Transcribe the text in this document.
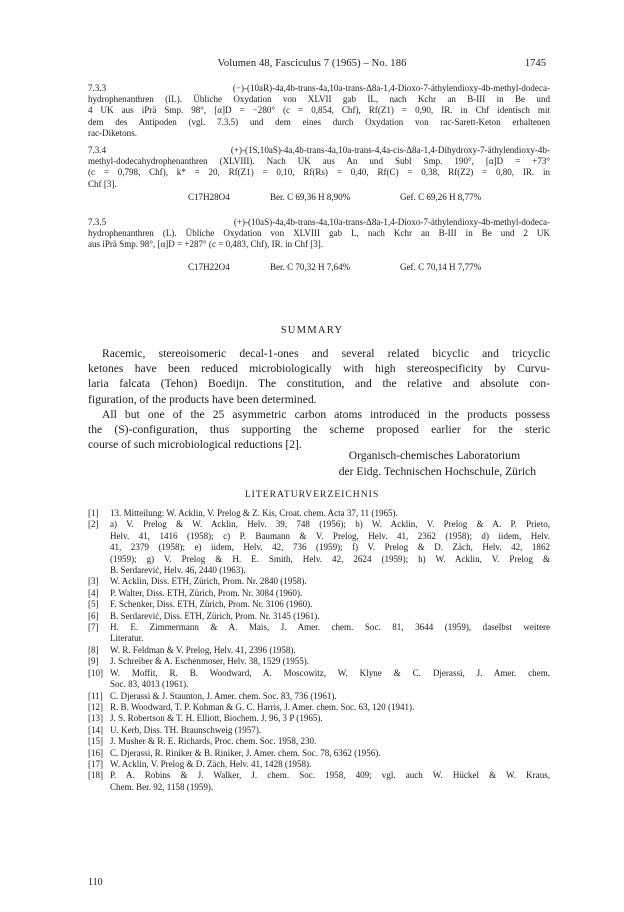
Volumen 48, Fasciculus 7 (1965) – No. 186	1745
7.3.3 (−)-(10aR)-4a,4b-trans-4a,10a-trans-Δ8a-1,4-Dioxo-7-äthylendioxy-4b-methyl-dodeca-
hydrophenanthren (IL). Übliche Oxydation von XLVII gab IL, nach Kchr an B-III in Be und
4 UK aus iPrä Smp. 98°, [α]D = −280° (c = 0,854, Chf), Rf(Z1) = 0,90, IR. in Chf identisch mit
dem des Antipoden (vgl. 7.3.5) und dem eines durch Oxydation von rac-Sarett-Keton erhaltenen
rac-Diketons.
7.3.4 (+)-(1S,10aS)-4a,4b-trans-4a,10a-trans-4,4a-cis-Δ8a-1,4-Dihydroxy-7-äthylendioxy-4b-
methyl-dodecahydrophenanthren (XLVIII). Nach UK aus An und Subl Smp. 190°, [α]D = +73°
(c = 0,798, Chf), k* = 20, Rf(Z1) = 0,10, Rf(Rs) = 0,40, Rf(C) = 0,38, Rf(Z2) = 0,80, IR. in
Chf [3].
C17H28O4	Ber. C 69,36 H 8,90%	Gef. C 69,26 H 8,77%
7.3.5 (+)-(10aS)-4a,4b-trans-4a,10a-trans-Δ8a-1,4-Dioxo-7-äthylendioxy-4b-methyl-dodeca-
hydrophenanthren (L). Übliche Oxydation von XLVIII gab L, nach Kchr an B-III in Be und 2 UK
aus iPrä Smp. 98°, [α]D = +287° (c = 0,483, Chf), IR. in Chf [3].
C17H22O4	Ber. C 70,32 H 7,64%	Gef. C 70,14 H 7,77%
SUMMARY
Racemic, stereoisomeric decal-1-ones and several related bicyclic and tricyclic
ketones have been reduced microbiologically with high stereospecificity by Curvu-
laria falcata (Tehon) Boedijn. The constitution, and the relative and absolute con-
figuration, of the products have been determined.
All but one of the 25 asymmetric carbon atoms introduced in the products possess
the (S)-configuration, thus supporting the scheme proposed earlier for the steric
course of such microbiological reductions [2].
Organisch-chemisches Laboratorium
der Eidg. Technischen Hochschule, Zürich
LITERATURVERZEICHNIS
[1] 13. Mitteilung: W. Acklin, V. Prelog & Z. Kis, Croat. chem. Acta 37, 11 (1965).
[2] a) V. Prelog & W. Acklin, Helv. 39, 748 (1956); b) W. Acklin, V. Prelog & A. P. Prieto,
Helv. 41, 1416 (1958); c) P. Baumann & V. Prelog, Helv. 41, 2362 (1958); d) iidem, Helv.
41, 2379 (1958); e) iidem, Helv. 42, 736 (1959); f) V. Prelog & D. Zäch, Helv. 42, 1862
(1959); g) V. Prelog & H. E. Smith, Helv. 42, 2624 (1959); h) W. Acklin, V. Prelog &
B. Serdarević, Helv. 46, 2440 (1963).
[3] W. Acklin, Diss. ETH, Zürich, Prom. Nr. 2840 (1958).
[4] P. Walter, Diss. ETH, Zürich, Prom. Nr. 3084 (1960).
[5] F. Schenker, Diss. ETH, Zürich, Prom. Nr. 3106 (1960).
[6] B. Serdarević, Diss. ETH, Zürich, Prom. Nr. 3145 (1961).
[7] H. E. Zimmermann & A. Mais, J. Amer. chem. Soc. 81, 3644 (1959), daselbst weitere
Literatur.
[8] W. R. Feldman & V. Prelog, Helv. 41, 2396 (1958).
[9] J. Schreiber & A. Eschenmoser, Helv. 38, 1529 (1955).
[10] W. Moffit, R. B. Woodward, A. Moscowitz, W. Klyne & C. Djerassi, J. Amer. chem.
Soc. 83, 4013 (1961).
[11] C. Djerassi & J. Staunton, J. Amer. chem. Soc. 83, 736 (1961).
[12] R. B. Woodward, T. P. Kohman & G. C. Harris, J. Amer. chem. Soc. 63, 120 (1941).
[13] J. S. Robertson & T. H. Elliott, Biochem. J. 96, 3 P (1965).
[14] U. Kerb, Diss. TH. Braunschweig (1957).
[15] J. Musher & R. E. Richards, Proc. chem. Soc. 1958, 230.
[16] C. Djerassi, R. Riniker & B. Riniker, J. Amer. chem. Soc. 78, 6362 (1956).
[17] W. Acklin, V. Prelog & D. Zäch, Helv. 41, 1428 (1958).
[18] P. A. Robins & J. Walker, J. chem. Soc. 1958, 409; vgl. auch W. Hückel & W. Kraus,
Chem. Ber. 92, 1158 (1959).
110
